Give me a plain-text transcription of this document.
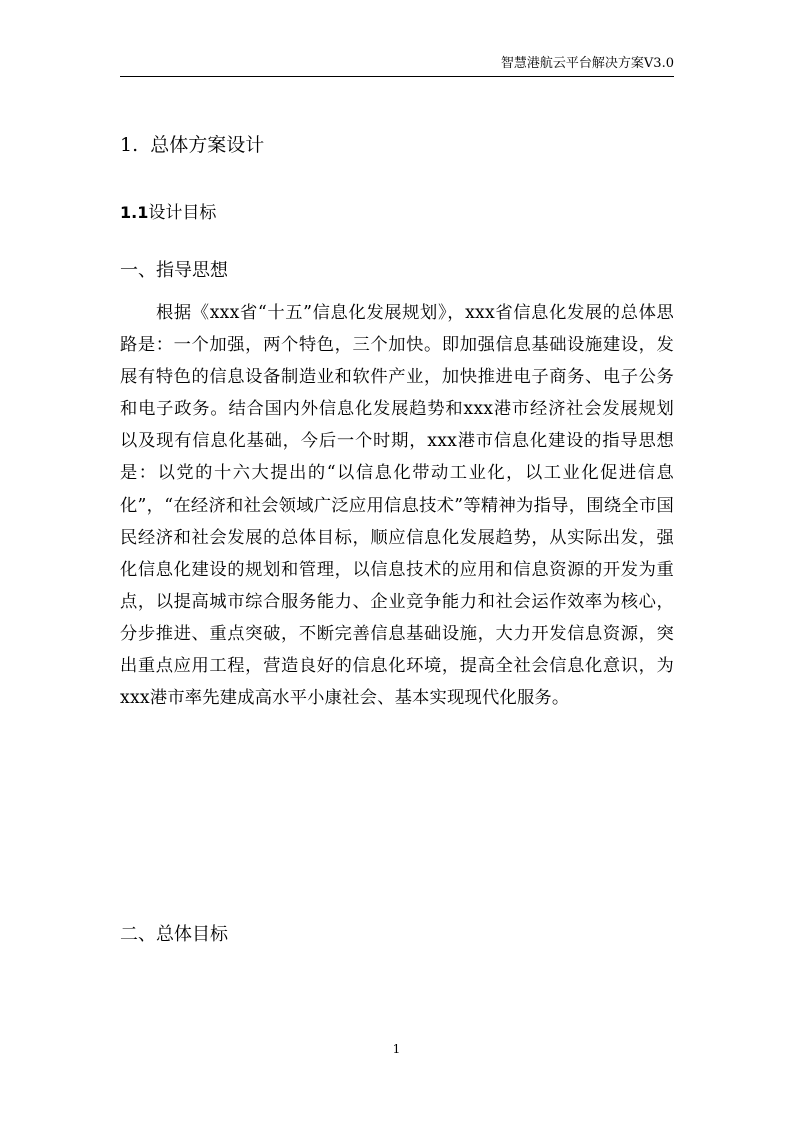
智慧港航云平台解决方案V3.0
1. 总体方案设计
1.1设计目标
一、指导思想

根据《xxx省“十五”信息化发展规划》，xxx省信息化发展的总体思路是：一个加强，两个特色，三个加快。即加强信息基础设施建设，发展有特色的信息设备制造业和软件产业，加快推进电子商务、电子公务和电子政务。结合国内外信息化发展趋势和xxx港市经济社会发展规划以及现有信息化基础，今后一个时期，xxx港市信息化建设的指导思想是：以党的十六大提出的“以信息化带动工业化，以工业化促进信息化”，“在经济和社会领域广泛应用信息技术”等精神为指导，围绕全市国民经济和社会发展的总体目标，顺应信息化发展趋势，从实际出发，强化信息化建设的规划和管理，以信息技术的应用和信息资源的开发为重点，以提高城市综合服务能力、企业竞争能力和社会运作效率为核心，分步推进、重点突破，不断完善信息基础设施，大力开发信息资源，突出重点应用工程，营造良好的信息化环境，提高全社会信息化意识，为xxx港市率先建成高水平小康社会、基本实现现代化服务。

二、总体目标
1
